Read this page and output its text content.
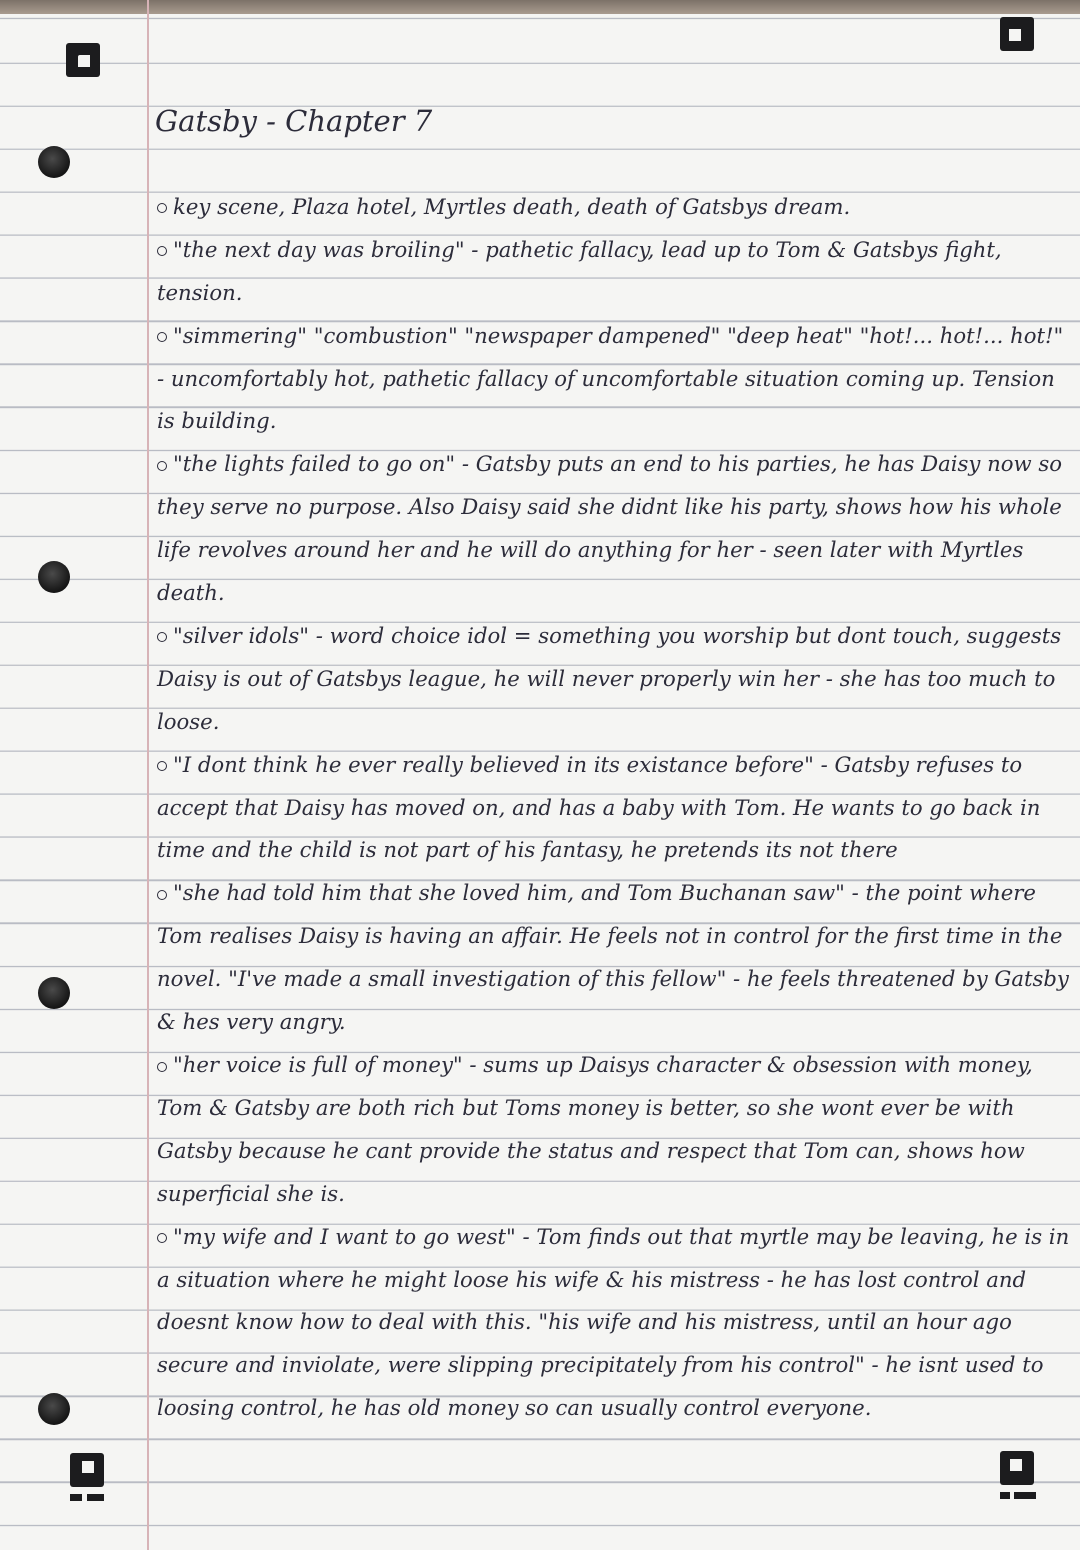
Gatsby - Chapter 7

key scene, Plaza hotel, Myrtles death, death of Gatsbys dream.

"the next day was broiling" - pathetic fallacy, lead up to Tom & Gatsbys fight, tension.

"simmering" "combustion" "newspaper dampened" "deep heat" "hot!... hot!... hot!" - uncomfortably hot, pathetic fallacy of uncomfortable situation coming up. Tension is building.

"the lights failed to go on" - Gatsby puts an end to his parties, he has Daisy now so they serve no purpose. Also Daisy said she didnt like his party, shows how his whole life revolves around her and he will do anything for her - seen later with Myrtles death.

"silver idols" - word choice idol = something you worship but dont touch, suggests Daisy is out of Gatsbys league, he will never properly win her - she has too much to loose.

"I dont think he ever really believed in its existance before" - Gatsby refuses to accept that Daisy has moved on, and has a baby with Tom. He wants to go back in time and the child is not part of his fantasy, he pretends its not there

"she had told him that she loved him, and Tom Buchanan saw" - the point where Tom realises Daisy is having an affair. He feels not in control for the first time in the novel. "I've made a small investigation of this fellow" - he feels threatened by Gatsby & hes very angry.

"her voice is full of money" - sums up Daisys character & obsession with money, Tom & Gatsby are both rich but Toms money is better, so she wont ever be with Gatsby because he cant provide the status and respect that Tom can, shows how superficial she is.

"my wife and I want to go west" - Tom finds out that myrtle may be leaving, he is in a situation where he might loose his wife & his mistress - he has lost control and doesnt know how to deal with this. "his wife and his mistress, until an hour ago secure and inviolate, were slipping precipitately from his control" - he isnt used to loosing control, he has old money so can usually control everyone.
